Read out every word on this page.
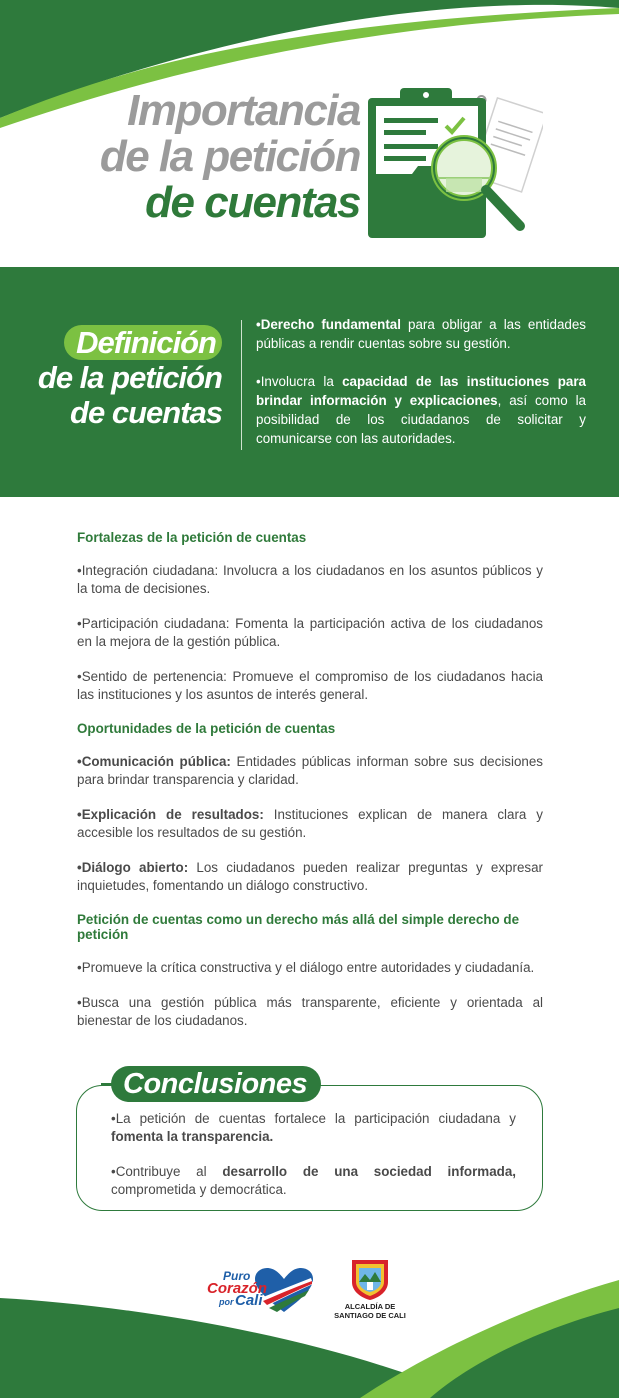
Importancia
de la petición
de cuentas
Definición
de la petición
de cuentas

•Derecho fundamental para obligar a las entidades públicas a rendir cuentas sobre su gestión.

•Involucra la capacidad de las instituciones para brindar información y explicaciones, así como la posibilidad de los ciudadanos de solicitar y comunicarse con las autoridades.

Fortalezas de la petición de cuentas

•Integración ciudadana: Involucra a los ciudadanos en los asuntos públicos y la toma de decisiones.

•Participación ciudadana: Fomenta la participación activa de los ciudadanos en la mejora de la gestión pública.

•Sentido de pertenencia: Promueve el compromiso de los ciudadanos hacia las instituciones y los asuntos de interés general.

Oportunidades de la petición de cuentas

•Comunicación pública: Entidades públicas informan sobre sus decisiones para brindar transparencia y claridad.

•Explicación de resultados: Instituciones explican de manera clara y accesible los resultados de su gestión.

•Diálogo abierto: Los ciudadanos pueden realizar preguntas y expresar inquietudes, fomentando un diálogo constructivo.

Petición de cuentas como un derecho más allá del simple derecho de petición

•Promueve la crítica constructiva y el diálogo entre autoridades y ciudadanía.

•Busca una gestión pública más transparente, eficiente y orientada al bienestar de los ciudadanos.

Conclusiones

•La petición de cuentas fortalece la participación ciudadana y fomenta la transparencia.

•Contribuye al desarrollo de una sociedad informada, comprometida y democrática.

Puro
Corazón
por Cali	ALCALDÍA DE
SANTIAGO DE CALI
